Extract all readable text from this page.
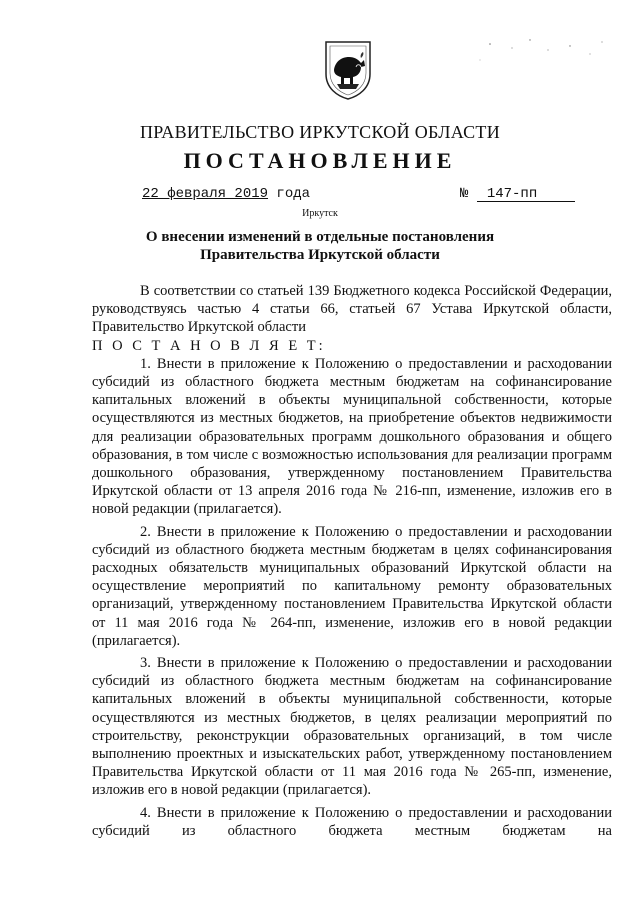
ПРАВИТЕЛЬСТВО ИРКУТСКОЙ ОБЛАСТИ
ПОСТАНОВЛЕНИЕ
22 февраля 2019 года	№ 147-пп
Иркутск
О внесении изменений в отдельные постановления Правительства Иркутской области

В соответствии со статьей 139 Бюджетного кодекса Российской Федерации, руководствуясь частью 4 статьи 66, статьей 67 Устава Иркутской области, Правительство Иркутской области

П О С Т А Н О В Л Я Е Т:

1. Внести в приложение к Положению о предоставлении и расходовании субсидий из областного бюджета местным бюджетам на софинансирование капитальных вложений в объекты муниципальной собственности, которые осуществляются из местных бюджетов, на приобретение объектов недвижимости для реализации образовательных программ дошкольного образования и общего образования, в том числе с возможностью использования для реализации программ дошкольного образования, утвержденному постановлением Правительства Иркутской области от 13 апреля 2016 года № 216-пп, изменение, изложив его в новой редакции (прилагается).

2. Внести в приложение к Положению о предоставлении и расходовании субсидий из областного бюджета местным бюджетам в целях софинансирования расходных обязательств муниципальных образований Иркутской области на осуществление мероприятий по капитальному ремонту образовательных организаций, утвержденному постановлением Правительства Иркутской области от 11 мая 2016 года № 264-пп, изменение, изложив его в новой редакции (прилагается).

3. Внести в приложение к Положению о предоставлении и расходовании субсидий из областного бюджета местным бюджетам на софинансирование капитальных вложений в объекты муниципальной собственности, которые осуществляются из местных бюджетов, в целях реализации мероприятий по строительству, реконструкции образовательных организаций, в том числе выполнению проектных и изыскательских работ, утвержденному постановлением Правительства Иркутской области от 11 мая 2016 года № 265-пп, изменение, изложив его в новой редакции (прилагается).

4. Внести в приложение к Положению о предоставлении и расходовании субсидий из областного бюджета местным бюджетам на
